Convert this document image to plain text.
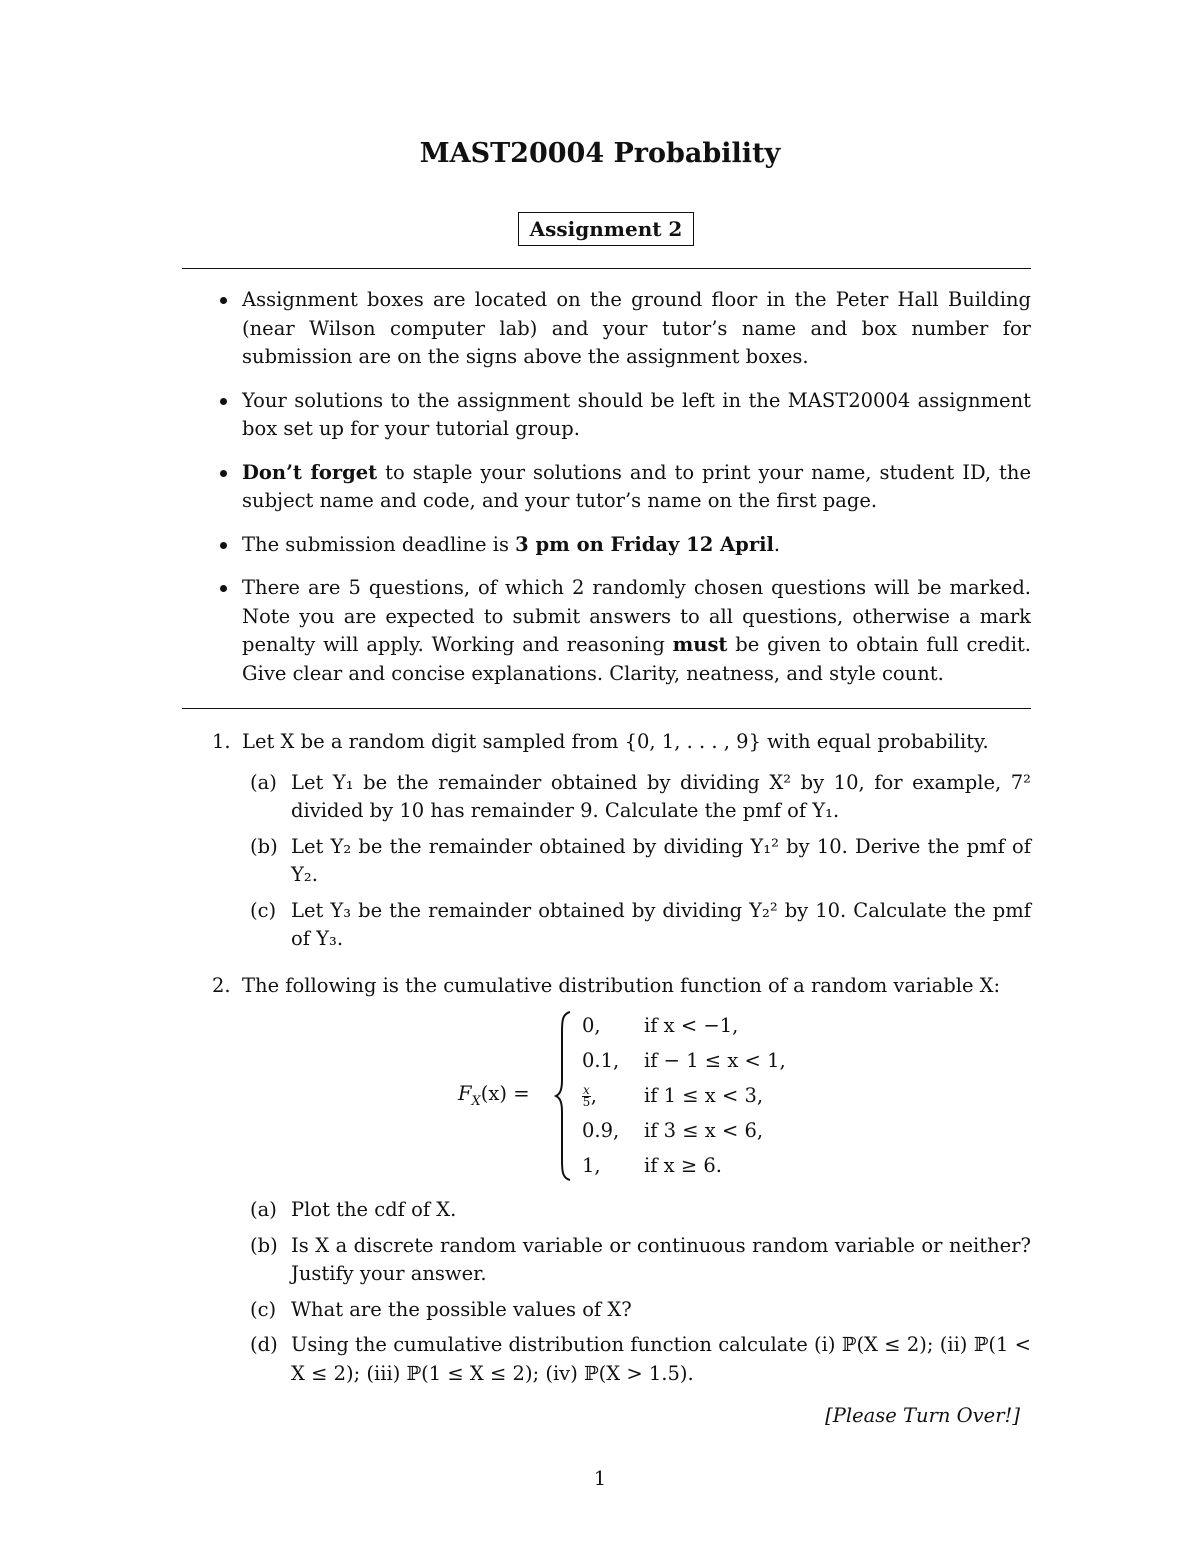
MAST20004 Probability
Assignment 2
Assignment boxes are located on the ground floor in the Peter Hall Building (near Wilson computer lab) and your tutor’s name and box number for submission are on the signs above the assignment boxes.
Your solutions to the assignment should be left in the MAST20004 assignment box set up for your tutorial group.
Don’t forget to staple your solutions and to print your name, student ID, the subject name and code, and your tutor’s name on the first page.
The submission deadline is 3 pm on Friday 12 April.
There are 5 questions, of which 2 randomly chosen questions will be marked. Note you are expected to submit answers to all questions, otherwise a mark penalty will apply. Working and reasoning must be given to obtain full credit. Give clear and concise explanations. Clarity, neatness, and style count.
1. Let X be a random digit sampled from {0, 1, . . . , 9} with equal probability.
(a) Let Y₁ be the remainder obtained by dividing X² by 10, for example, 7² divided by 10 has remainder 9. Calculate the pmf of Y₁.
(b) Let Y₂ be the remainder obtained by dividing Y₁² by 10. Derive the pmf of Y₂.
(c) Let Y₃ be the remainder obtained by dividing Y₂² by 10. Calculate the pmf of Y₃.
2. The following is the cumulative distribution function of a random variable X:
$F_X(x)$ =
0,	if x < −1,
0.1,	if − 1 ≤ x < 1,
$\frac{x}{5}$,	if 1 ≤ x < 3,
0.9,	if 3 ≤ x < 6,
1,	if x ≥ 6.
(a) Plot the cdf of X.
(b) Is X a discrete random variable or continuous random variable or neither? Justify your answer.
(c) What are the possible values of X?
(d) Using the cumulative distribution function calculate (i) ℙ(X ≤ 2); (ii) ℙ(1 < X ≤ 2); (iii) ℙ(1 ≤ X ≤ 2); (iv) ℙ(X > 1.5).
[Please Turn Over!]
1
